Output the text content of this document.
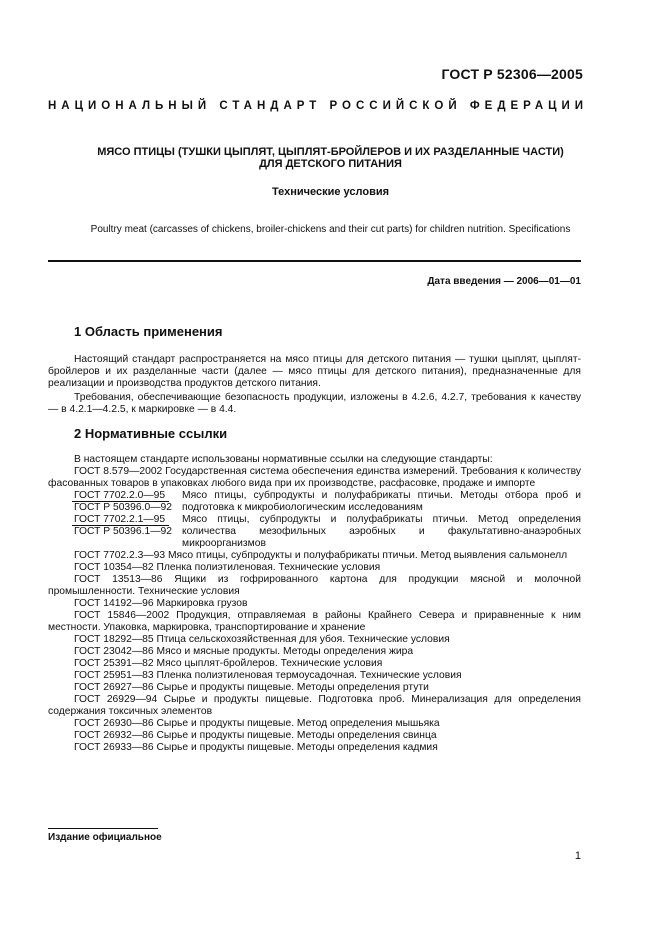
ГОСТ Р 52306—2005
НАЦИОНАЛЬНЫЙ СТАНДАРТ РОССИЙСКОЙ ФЕДЕРАЦИИ
МЯСО ПТИЦЫ (ТУШКИ ЦЫПЛЯТ, ЦЫПЛЯТ-БРОЙЛЕРОВ И ИХ РАЗДЕЛАННЫЕ ЧАСТИ)
ДЛЯ ДЕТСКОГО ПИТАНИЯ
Технические условия
Poultry meat (carcasses of chickens, broiler-chickens and their cut parts) for children nutrition. Specifications
Дата введения — 2006—01—01
1 Область применения

Настоящий стандарт распространяется на мясо птицы для детского питания — тушки цыплят, цыплят-бройлеров и их разделанные части (далее — мясо птицы для детского питания), предназначенные для реализации и производства продуктов детского питания.

Требования, обеспечивающие безопасность продукции, изложены в 4.2.6, 4.2.7, требования к качеству — в 4.2.1—4.2.5, к маркировке — в 4.4.

2 Нормативные ссылки

В настоящем стандарте использованы нормативные ссылки на следующие стандарты:

ГОСТ 8.579—2002 Государственная система обеспечения единства измерений. Требования к количеству фасованных товаров в упаковках любого вида при их производстве, расфасовке, продаже и импорте

ГОСТ 7702.2.0—95
ГОСТ Р 50396.0—92
Мясо птицы, субпродукты и полуфабрикаты птичьи. Методы отбора проб и подготовка к микробиологическим исследованиям
ГОСТ 7702.2.1—95
ГОСТ Р 50396.1—92
Мясо птицы, субпродукты и полуфабрикаты птичьи. Метод определения количества мезофильных аэробных и факультативно-анаэробных микроорганизмов

ГОСТ 7702.2.3—93 Мясо птицы, субпродукты и полуфабрикаты птичьи. Метод выявления сальмонелл

ГОСТ 10354—82 Пленка полиэтиленовая. Технические условия

ГОСТ 13513—86 Ящики из гофрированного картона для продукции мясной и молочной промышленности. Технические условия

ГОСТ 14192—96 Маркировка грузов

ГОСТ 15846—2002 Продукция, отправляемая в районы Крайнего Севера и приравненные к ним местности. Упаковка, маркировка, транспортирование и хранение

ГОСТ 18292—85 Птица сельскохозяйственная для убоя. Технические условия

ГОСТ 23042—86 Мясо и мясные продукты. Методы определения жира

ГОСТ 25391—82 Мясо цыплят-бройлеров. Технические условия

ГОСТ 25951—83 Пленка полиэтиленовая термоусадочная. Технические условия

ГОСТ 26927—86 Сырье и продукты пищевые. Методы определения ртути

ГОСТ 26929—94 Сырье и продукты пищевые. Подготовка проб. Минерализация для определения содержания токсичных элементов

ГОСТ 26930—86 Сырье и продукты пищевые. Метод определения мышьяка

ГОСТ 26932—86 Сырье и продукты пищевые. Методы определения свинца

ГОСТ 26933—86 Сырье и продукты пищевые. Методы определения кадмия

Издание официальное
1
